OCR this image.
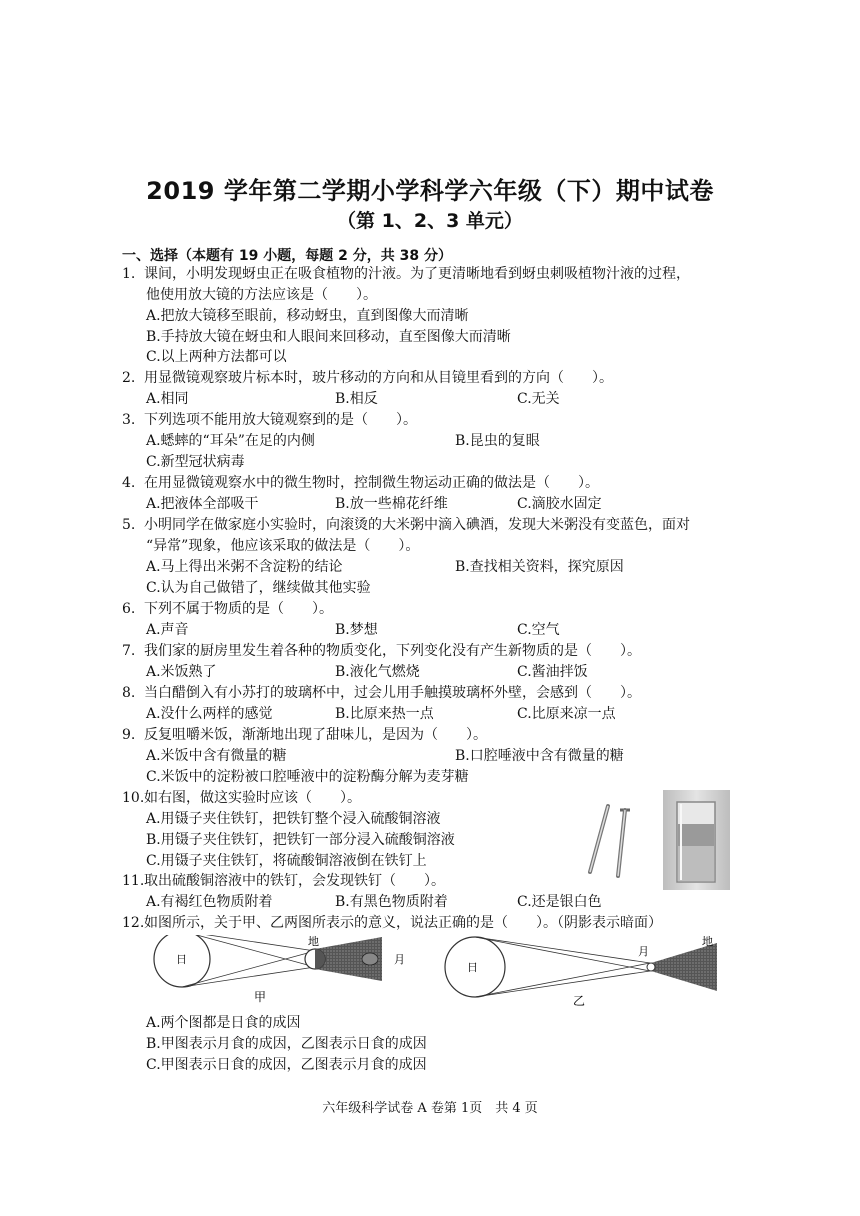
2019 学年第二学期小学科学六年级（下）期中试卷
（第 1、2、3 单元）
一、选择（本题有 19 小题，每题 2 分，共 38 分）
1. 课间，小明发现蚜虫正在吸食植物的汁液。为了更清晰地看到蚜虫刺吸植物汁液的过程，
他使用放大镜的方法应该是（　　）。
A.把放大镜移至眼前，移动蚜虫，直到图像大而清晰
B.手持放大镜在蚜虫和人眼间来回移动，直至图像大而清晰
C.以上两种方法都可以
2. 用显微镜观察玻片标本时，玻片移动的方向和从目镜里看到的方向（　　）。
A.相同	B.相反	C.无关
3. 下列选项不能用放大镜观察到的是（　　）。
A.蟋蟀的“耳朵”在足的内侧	B.昆虫的复眼
C.新型冠状病毒
4. 在用显微镜观察水中的微生物时，控制微生物运动正确的做法是（　　）。
A.把液体全部吸干	B.放一些棉花纤维	C.滴胶水固定
5. 小明同学在做家庭小实验时，向滚烫的大米粥中滴入碘酒，发现大米粥没有变蓝色，面对
“异常”现象，他应该采取的做法是（　　）。
A.马上得出米粥不含淀粉的结论	B.查找相关资料，探究原因
C.认为自己做错了，继续做其他实验
6. 下列不属于物质的是（　　）。
A.声音	B.梦想	C.空气
7. 我们家的厨房里发生着各种的物质变化，下列变化没有产生新物质的是（　　）。
A.米饭熟了	B.液化气燃烧	C.酱油拌饭
8. 当白醋倒入有小苏打的玻璃杯中，过会儿用手触摸玻璃杯外壁，会感到（　　）。
A.没什么两样的感觉	B.比原来热一点	C.比原来凉一点
9. 反复咀嚼米饭，渐渐地出现了甜味儿，是因为（　　）。
A.米饭中含有微量的糖	B.口腔唾液中含有微量的糖
C.米饭中的淀粉被口腔唾液中的淀粉酶分解为麦芽糖
10.如右图，做这实验时应该（　　）。
A.用镊子夹住铁钉，把铁钉整个浸入硫酸铜溶液
B.用镊子夹住铁钉，把铁钉一部分浸入硫酸铜溶液
C.用镊子夹住铁钉，将硫酸铜溶液倒在铁钉上
11.取出硫酸铜溶液中的铁钉，会发现铁钉（　　）。
A.有褐红色物质附着	B.有黑色物质附着	C.还是银白色
12.如图所示，关于甲、乙两图所表示的意义，说法正确的是（　　）。（阴影表示暗面）
日
地
月
甲
日
月
地
乙
A.两个图都是日食的成因
B.甲图表示月食的成因，乙图表示日食的成因
C.甲图表示日食的成因，乙图表示月食的成因
六年级科学试卷 A 卷第 1页　共 4 页
